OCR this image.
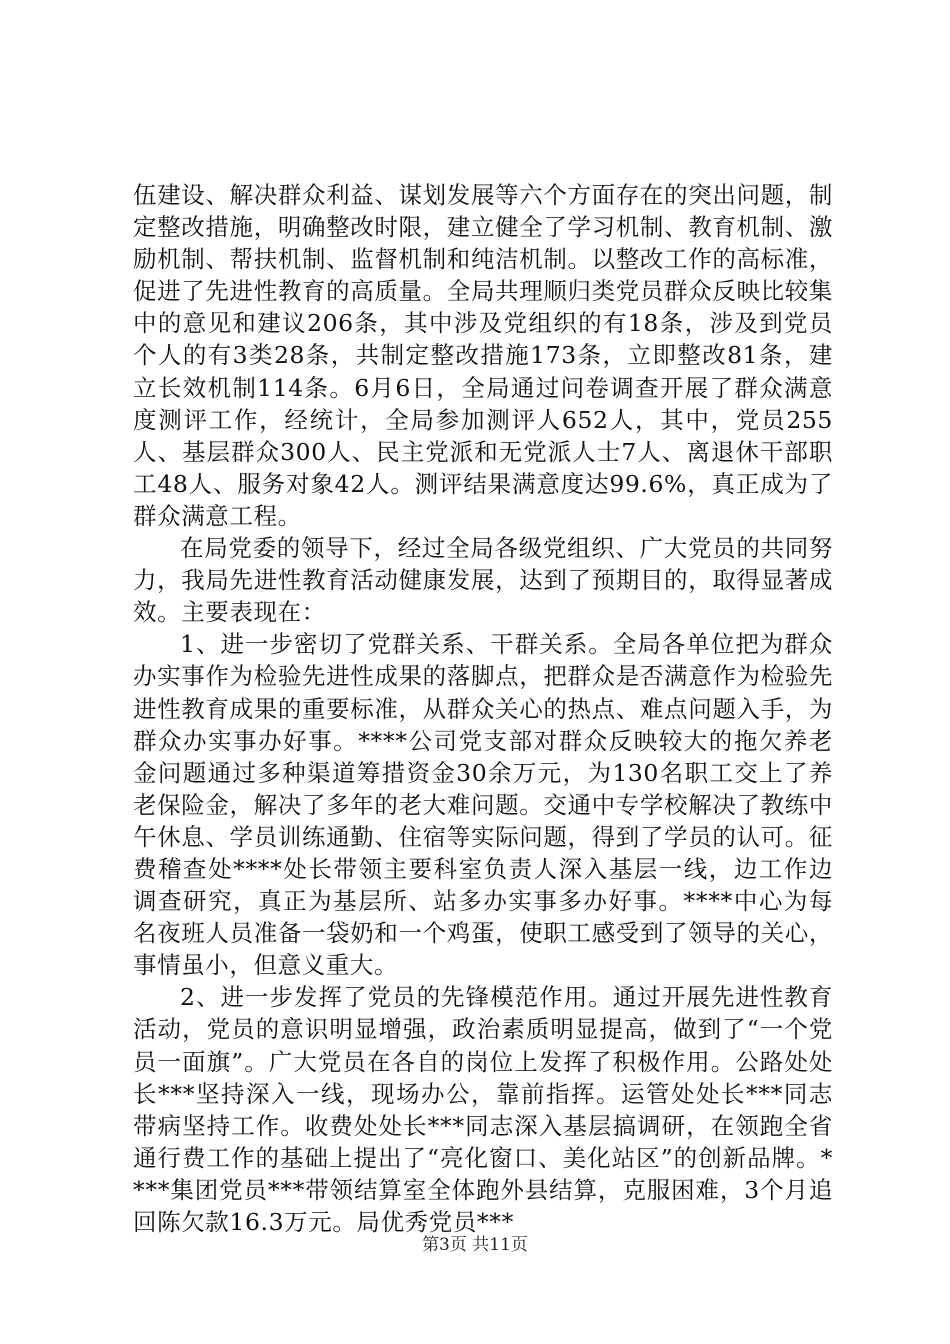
伍建设、解决群众利益、谋划发展等六个方面存在的突出问题，制定整改措施，明确整改时限，建立健全了学习机制、教育机制、激励机制、帮扶机制、监督机制和纯洁机制。以整改工作的高标准，促进了先进性教育的高质量。全局共理顺归类党员群众反映比较集中的意见和建议206条，其中涉及党组织的有18条，涉及到党员个人的有3类28条，共制定整改措施173条，立即整改81条，建立长效机制114条。6月6日，全局通过问卷调查开展了群众满意度测评工作，经统计，全局参加测评人652人，其中，党员255人、基层群众300人、民主党派和无党派人士7人、离退休干部职工48人、服务对象42人。测评结果满意度达99.6%，真正成为了群众满意工程。

在局党委的领导下，经过全局各级党组织、广大党员的共同努力，我局先进性教育活动健康发展，达到了预期目的，取得显著成效。主要表现在：

1、进一步密切了党群关系、干群关系。全局各单位把为群众办实事作为检验先进性成果的落脚点，把群众是否满意作为检验先进性教育成果的重要标准，从群众关心的热点、难点问题入手，为群众办实事办好事。****公司党支部对群众反映较大的拖欠养老金问题通过多种渠道筹措资金30余万元，为130名职工交上了养老保险金，解决了多年的老大难问题。交通中专学校解决了教练中午休息、学员训练通勤、住宿等实际问题，得到了学员的认可。征费稽查处****处长带领主要科室负责人深入基层一线，边工作边调查研究，真正为基层所、站多办实事多办好事。****中心为每名夜班人员准备一袋奶和一个鸡蛋，使职工感受到了领导的关心，事情虽小，但意义重大。

2、进一步发挥了党员的先锋模范作用。通过开展先进性教育活动，党员的意识明显增强，政治素质明显提高，做到了“一个党员一面旗”。广大党员在各自的岗位上发挥了积极作用。公路处处长***坚持深入一线，现场办公，靠前指挥。运管处处长***同志带病坚持工作。收费处处长***同志深入基层搞调研，在领跑全省通行费工作的基础上提出了“亮化窗口、美化站区”的创新品牌。****集团党员***带领结算室全体跑外县结算，克服困难，3个月追回陈欠款16.3万元。局优秀党员***

第3页 共11页
